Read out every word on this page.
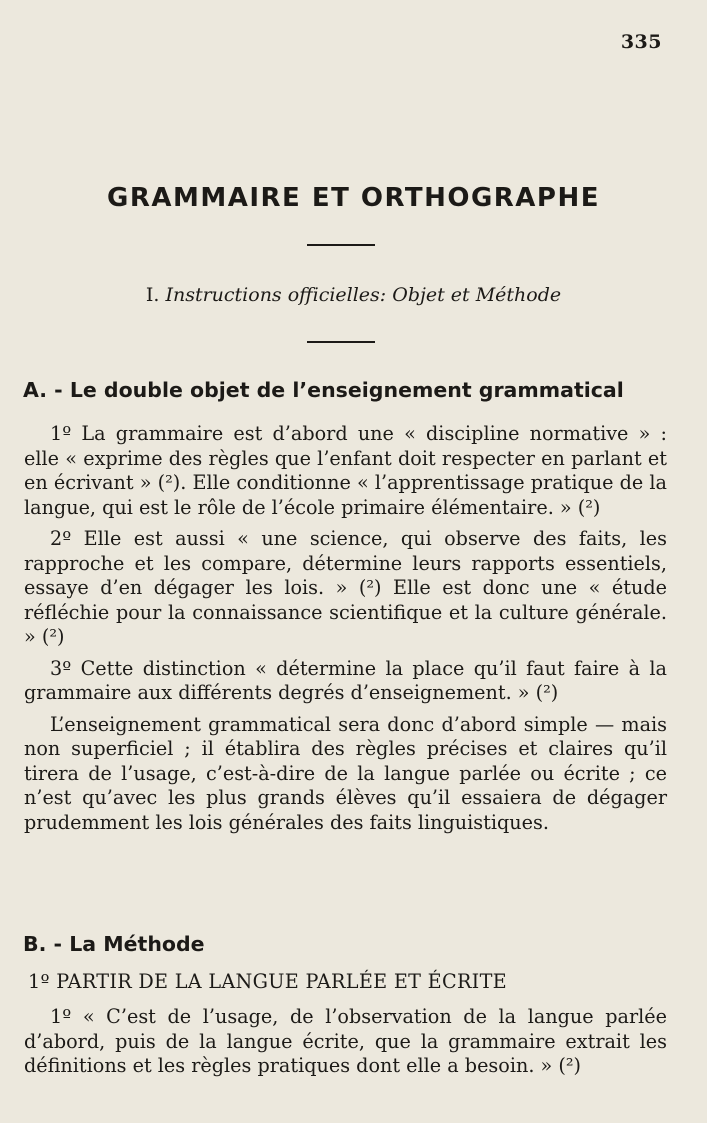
335
GRAMMAIRE ET ORTHOGRAPHE
I. Instructions officielles: Objet et Méthode
A. - Le double objet de l’enseignement grammatical

1º La grammaire est d’abord une « discipline normative » : elle « exprime des règles que l’enfant doit respecter en parlant et en écrivant » (²). Elle conditionne « l’apprentissage pratique de la langue, qui est le rôle de l’école primaire élémentaire. » (²)

2º Elle est aussi « une science, qui observe des faits, les rapproche et les compare, détermine leurs rapports essentiels, essaye d’en dégager les lois. » (²) Elle est donc une « étude réfléchie pour la connaissance scientifique et la culture générale. » (²)

3º Cette distinction « détermine la place qu’il faut faire à la grammaire aux différents degrés d’enseignement. » (²)

L’enseignement grammatical sera donc d’abord simple — mais non superficiel ; il établira des règles précises et claires qu’il tirera de l’usage, c’est-à-dire de la langue parlée ou écrite ; ce n’est qu’avec les plus grands élèves qu’il essaiera de dégager prudemment les lois générales des faits linguistiques.

B. - La Méthode
1º PARTIR DE LA LANGUE PARLÉE ET ÉCRITE

1º « C’est de l’usage, de l’observation de la langue parlée d’abord, puis de la langue écrite, que la grammaire extrait les définitions et les règles pratiques dont elle a besoin. » (²)
